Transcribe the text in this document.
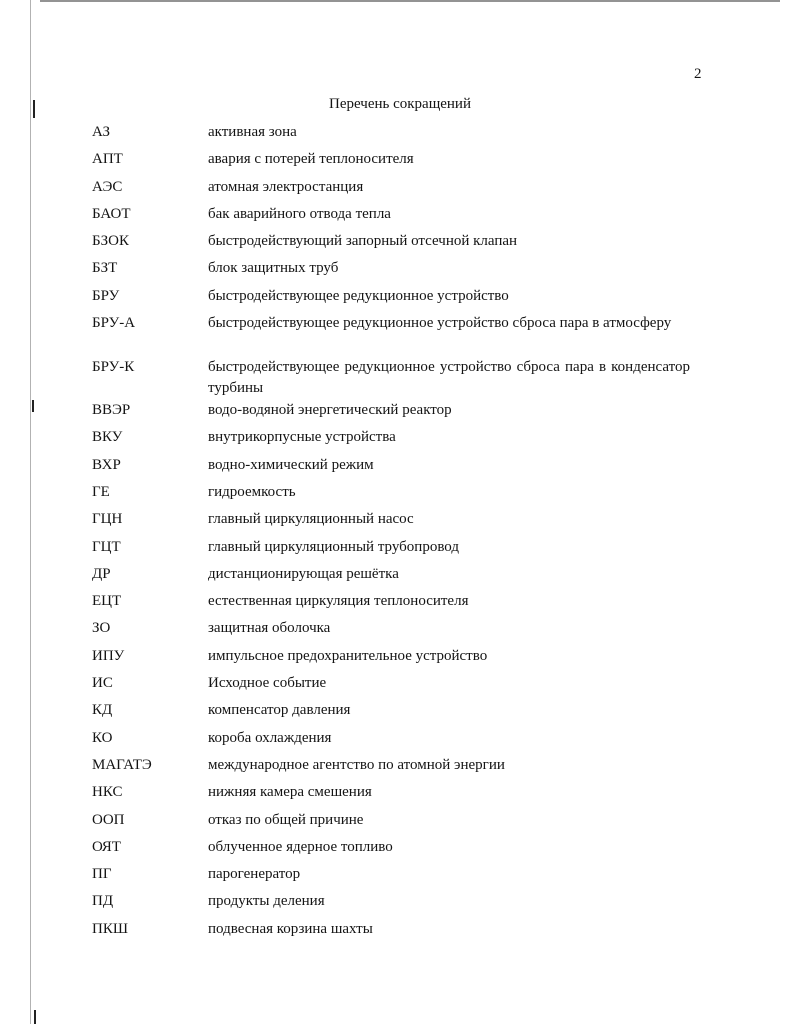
2
Перечень сокращений
АЗ	активная зона
АПТ	авария с потерей теплоносителя
АЭС	атомная электростанция
БАОТ	бак аварийного отвода тепла
БЗОК	быстродействующий запорный отсечной клапан
БЗТ	блок защитных труб
БРУ	быстродействующее редукционное устройство
БРУ-А	быстродействующее редукционное устройство сброса пара в атмосферу
БРУ-К	быстродействующее редукционное устройство сброса пара в конденсатор турбины
ВВЭР	водо-водяной энергетический реактор
ВКУ	внутрикорпусные устройства
ВХР	водно-химический режим
ГЕ	гидроемкость
ГЦН	главный циркуляционный насос
ГЦТ	главный циркуляционный трубопровод
ДР	дистанционирующая решётка
ЕЦТ	естественная циркуляция теплоносителя
ЗО	защитная оболочка
ИПУ	импульсное предохранительное устройство
ИС	Исходное событие
КД	компенсатор давления
КО	короба охлаждения
МАГАТЭ	международное агентство по атомной энергии
НКС	нижняя камера смешения
ООП	отказ по общей причине
ОЯТ	облученное ядерное топливо
ПГ	парогенератор
ПД	продукты деления
ПКШ	подвесная корзина шахты
